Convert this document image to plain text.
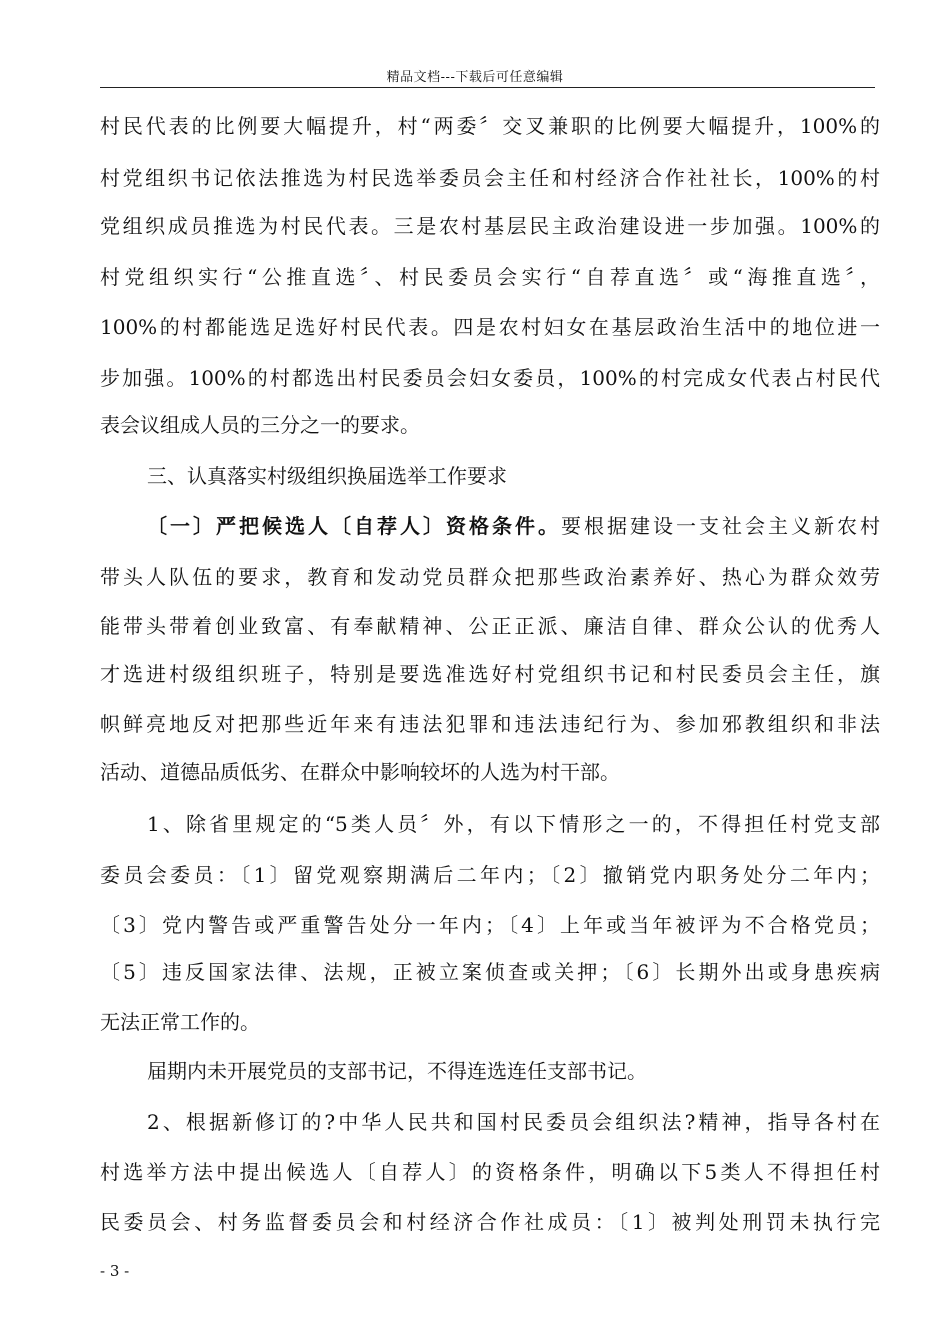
精品文档---下载后可任意编辑
村民代表的比例要大幅提升，村“两委〞交叉兼职的比例要大幅提升，100%的
村党组织书记依法推选为村民选举委员会主任和村经济合作社社长，100%的村
党组织成员推选为村民代表。三是农村基层民主政治建设进一步加强。100%的
村党组织实行“公推直选〞、村民委员会实行“自荐直选〞或“海推直选〞，
100%的村都能选足选好村民代表。四是农村妇女在基层政治生活中的地位进一
步加强。100%的村都选出村民委员会妇女委员，100%的村完成女代表占村民代
表会议组成人员的三分之一的要求。
三、认真落实村级组织换届选举工作要求
〔一〕严把候选人〔自荐人〕资格条件。要根据建设一支社会主义新农村
带头人队伍的要求，教育和发动党员群众把那些政治素养好、热心为群众效劳
能带头带着创业致富、有奉献精神、公正正派、廉洁自律、群众公认的优秀人
才选进村级组织班子，特别是要选准选好村党组织书记和村民委员会主任，旗
帜鲜亮地反对把那些近年来有违法犯罪和违法违纪行为、参加邪教组织和非法
活动、道德品质低劣、在群众中影响较坏的人选为村干部。
1、除省里规定的“5类人员〞外，有以下情形之一的，不得担任村党支部
委员会委员：〔1〕留党观察期满后二年内；〔2〕撤销党内职务处分二年内；
〔3〕党内警告或严重警告处分一年内；〔4〕上年或当年被评为不合格党员；
〔5〕违反国家法律、法规，正被立案侦查或关押；〔6〕长期外出或身患疾病
无法正常工作的。
届期内未开展党员的支部书记，不得连选连任支部书记。
2、根据新修订的?中华人民共和国村民委员会组织法?精神，指导各村在
村选举方法中提出候选人〔自荐人〕的资格条件，明确以下5类人不得担任村
民委员会、村务监督委员会和村经济合作社成员：〔1〕被判处刑罚未执行完
- 3 -
